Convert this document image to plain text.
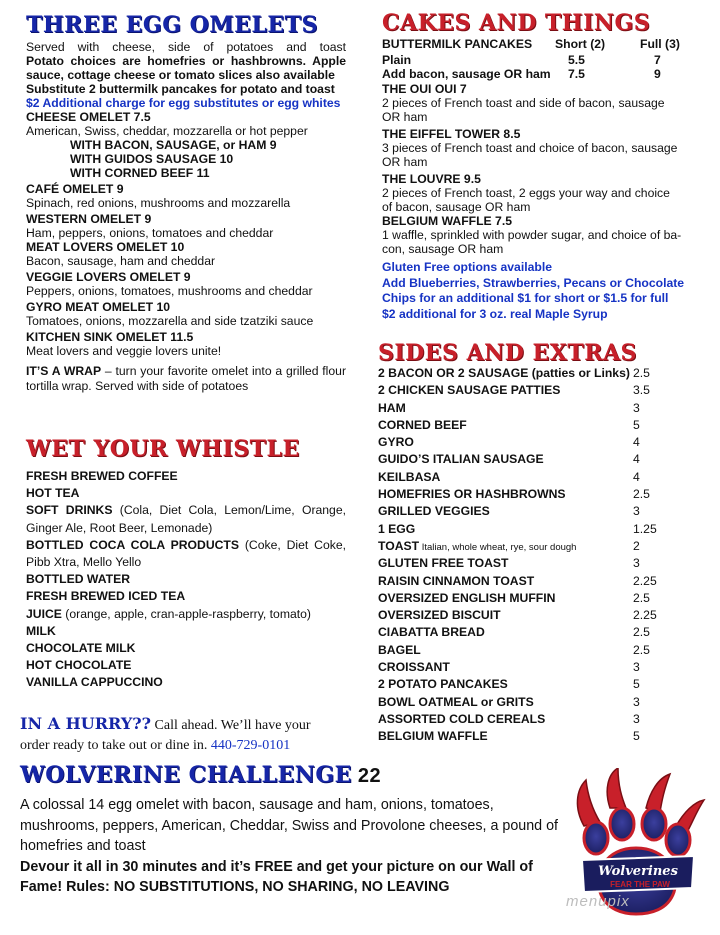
THREE EGG OMELETS
Served with cheese, side of potatoes and toast
Potato choices are homefries or hashbrowns. Apple sauce, cottage cheese or tomato slices also available
Substitute 2 buttermilk pancakes for potato and toast
$2 Additional charge for egg substitutes or egg whites
CHEESE OMELET 7.5
American, Swiss, cheddar, mozzarella or hot pepper
WITH BACON, SAUSAGE, or HAM 9
WITH GUIDOS SAUSAGE 10
WITH CORNED BEEF 11
CAFÉ OMELET 9
Spinach, red onions, mushrooms and mozzarella
WESTERN OMELET 9
Ham, peppers, onions, tomatoes and cheddar
MEAT LOVERS OMELET 10
Bacon, sausage, ham and cheddar
VEGGIE LOVERS OMELET 9
Peppers, onions, tomatoes, mushrooms and cheddar
GYRO MEAT OMELET 10
Tomatoes, onions, mozzarella and side tzatziki sauce
KITCHEN SINK OMELET 11.5
Meat lovers and veggie lovers unite!
IT’S A WRAP – turn your favorite omelet into a grilled flour tortilla wrap. Served with side of potatoes
WET YOUR WHISTLE
FRESH BREWED COFFEE
HOT TEA
SOFT DRINKS (Cola, Diet Cola, Lemon/Lime, Orange, Ginger Ale, Root Beer, Lemonade)
BOTTLED COCA COLA PRODUCTS (Coke, Diet Coke, Pibb Xtra, Mello Yello
BOTTLED WATER
FRESH BREWED ICED TEA
JUICE (orange, apple, cran-apple-raspberry, tomato)
MILK
CHOCOLATE MILK
HOT CHOCOLATE
VANILLA CAPPUCCINO
CAKES AND THINGS
BUTTERMILK PANCAKES Short (2)	Full (3)
Plain	5.5	7
Add bacon, sausage OR ham 7.5	9
THE OUI OUI 7
2 pieces of French toast and side of bacon, sausage
OR ham
THE EIFFEL TOWER 8.5
3 pieces of French toast and choice of bacon, sausage
OR ham
THE LOUVRE 9.5
2 pieces of French toast, 2 eggs your way and choice
of bacon, sausage OR ham
BELGIUM WAFFLE 7.5
1 waffle, sprinkled with powder sugar, and choice of ba-
con, sausage OR ham
Gluten Free options available
Add Blueberries, Strawberries, Pecans or Chocolate
Chips for an additional $1 for short or $1.5 for full
$2 additional for 3 oz. real Maple Syrup
SIDES AND EXTRAS
2 BACON OR 2 SAUSAGE (patties or Links) 2.5
2 CHICKEN SAUSAGE PATTIES	3.5
HAM	3
CORNED BEEF	5
GYRO	4
GUIDO’S ITALIAN SAUSAGE	4
KEILBASA	4
HOMEFRIES OR HASHBROWNS	2.5
GRILLED VEGGIES	3
1 EGG	1.25
TOAST Italian, whole wheat, rye, sour dough	2
GLUTEN FREE TOAST	3
RAISIN CINNAMON TOAST	2.25
OVERSIZED ENGLISH MUFFIN	2.5
OVERSIZED BISCUIT	2.25
CIABATTA BREAD	2.5
BAGEL	2.5
CROISSANT	3
2 POTATO PANCAKES	5
BOWL OATMEAL or GRITS	3
ASSORTED COLD CEREALS	3
BELGIUM WAFFLE	5
IN A HURRY?? Call ahead. We’ll have your
order ready to take out or dine in. 440-729-0101
WOLVERINE CHALLENGE 22
A colossal 14 egg omelet with bacon, sausage and ham, onions, tomatoes, mushrooms, peppers, American, Cheddar, Swiss and Provolone cheeses, a pound of homefries and toast
Devour it all in 30 minutes and it’s FREE and get your picture on our Wall of Fame! Rules: NO SUBSTITUTIONS, NO SHARING, NO LEAVING
Wolverines
FEAR THE PAW
menupix
